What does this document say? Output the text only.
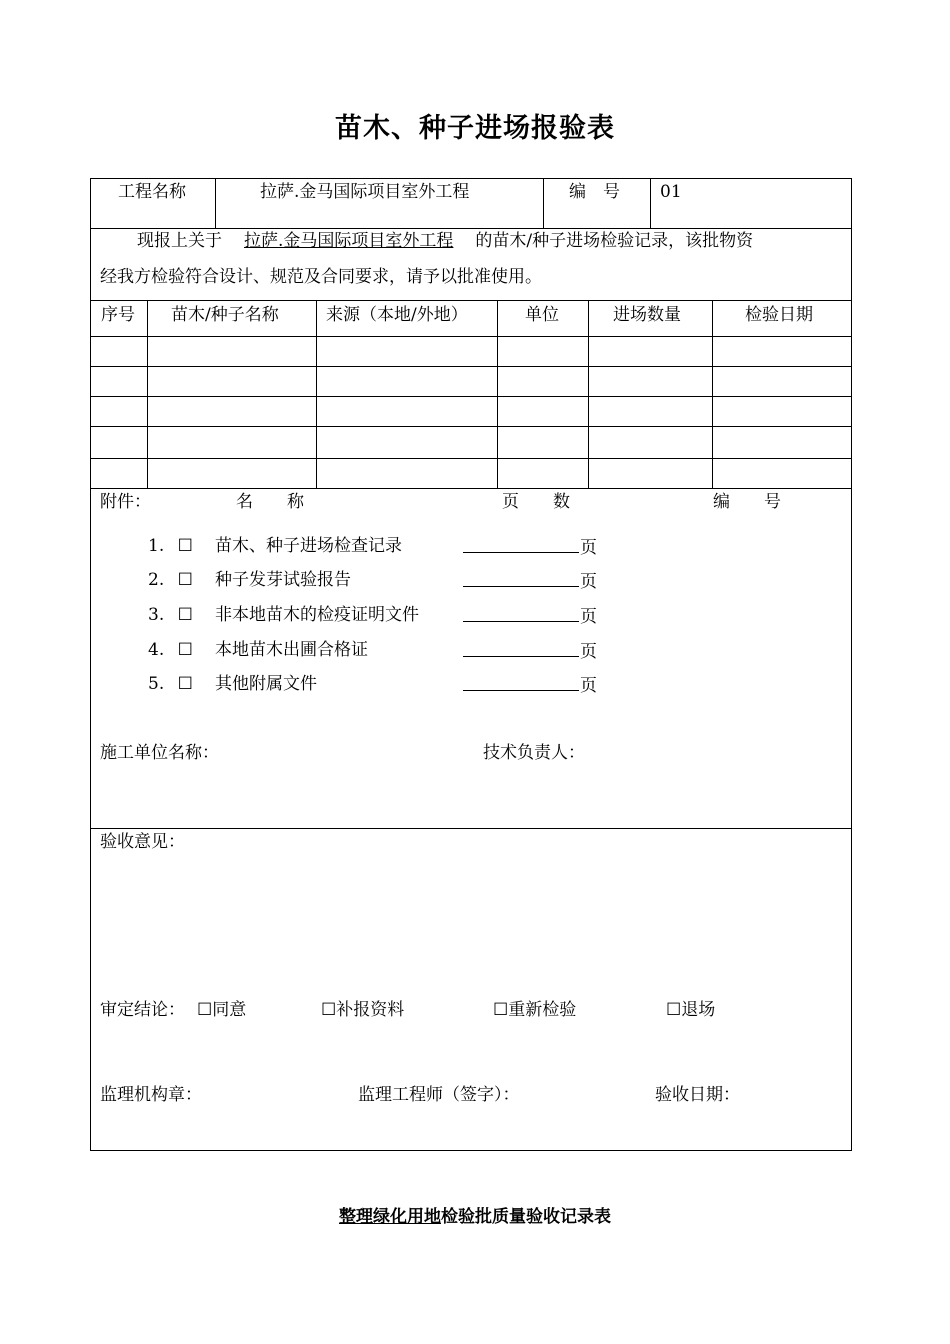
苗木、种子进场报验表
工程名称	拉萨.金马国际项目室外工程	编　号 01
现报上关于 拉萨.金马国际项目室外工程 的苗木/种子进场检验记录，该批物资
经我方检验符合设计、规范及合同要求，请予以批准使用。
序号 苗木/种子名称	来源（本地/外地）	单位	进场数量	检验日期
附件：	名　　称	页　　数	编　　号
1. ☐ 苗木、种子进场检查记录	页
2. ☐ 种子发芽试验报告	页
3. ☐ 非本地苗木的检疫证明文件	页
4. ☐ 本地苗木出圃合格证	页
5. ☐ 其他附属文件	页
施工单位名称：	技术负责人：
验收意见：
审定结论： ☐同意	☐补报资料	☐重新检验	☐退场
监理机构章：	监理工程师（签字）：	验收日期：
整理绿化用地检验批质量验收记录表
